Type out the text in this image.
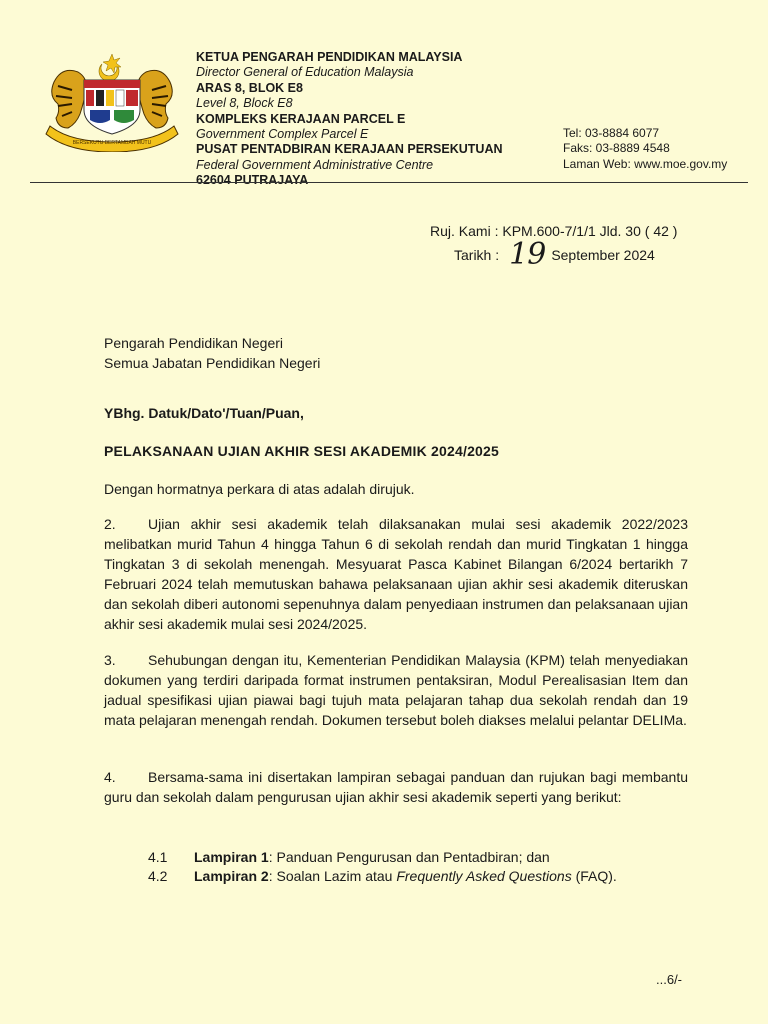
BERSEKUTU BERTAMBAH MUTU
KETUA PENGARAH PENDIDIKAN MALAYSIA
Director General of Education Malaysia
ARAS 8, BLOK E8
Level 8, Block E8
KOMPLEKS KERAJAAN PARCEL E
Government Complex Parcel E
PUSAT PENTADBIRAN KERAJAAN PERSEKUTUAN
Federal Government Administrative Centre
62604 PUTRAJAYA
Tel: 03-8884 6077
Faks: 03-8889 4548
Laman Web: www.moe.gov.my
Ruj. Kami : KPM.600-7/1/1 Jld. 30 ( 42 )
Tarikh : 19 September 2024
Pengarah Pendidikan Negeri
Semua Jabatan Pendidikan Negeri
YBhg. Datuk/Dato'/Tuan/Puan,
PELAKSANAAN UJIAN AKHIR SESI AKADEMIK 2024/2025
Dengan hormatnya perkara di atas adalah dirujuk.
2. Ujian akhir sesi akademik telah dilaksanakan mulai sesi akademik 2022/2023 melibatkan murid Tahun 4 hingga Tahun 6 di sekolah rendah dan murid Tingkatan 1 hingga Tingkatan 3 di sekolah menengah. Mesyuarat Pasca Kabinet Bilangan 6/2024 bertarikh 7 Februari 2024 telah memutuskan bahawa pelaksanaan ujian akhir sesi akademik diteruskan dan sekolah diberi autonomi sepenuhnya dalam penyediaan instrumen dan pelaksanaan ujian akhir sesi akademik mulai sesi 2024/2025.
3. Sehubungan dengan itu, Kementerian Pendidikan Malaysia (KPM) telah menyediakan dokumen yang terdiri daripada format instrumen pentaksiran, Modul Perealisasian Item dan jadual spesifikasi ujian piawai bagi tujuh mata pelajaran tahap dua sekolah rendah dan 19 mata pelajaran menengah rendah. Dokumen tersebut boleh diakses melalui pelantar DELIMa.
4. Bersama-sama ini disertakan lampiran sebagai panduan dan rujukan bagi membantu guru dan sekolah dalam pengurusan ujian akhir sesi akademik seperti yang berikut:
4.1 Lampiran 1: Panduan Pengurusan dan Pentadbiran; dan
4.2 Lampiran 2: Soalan Lazim atau Frequently Asked Questions (FAQ).
...6/-
